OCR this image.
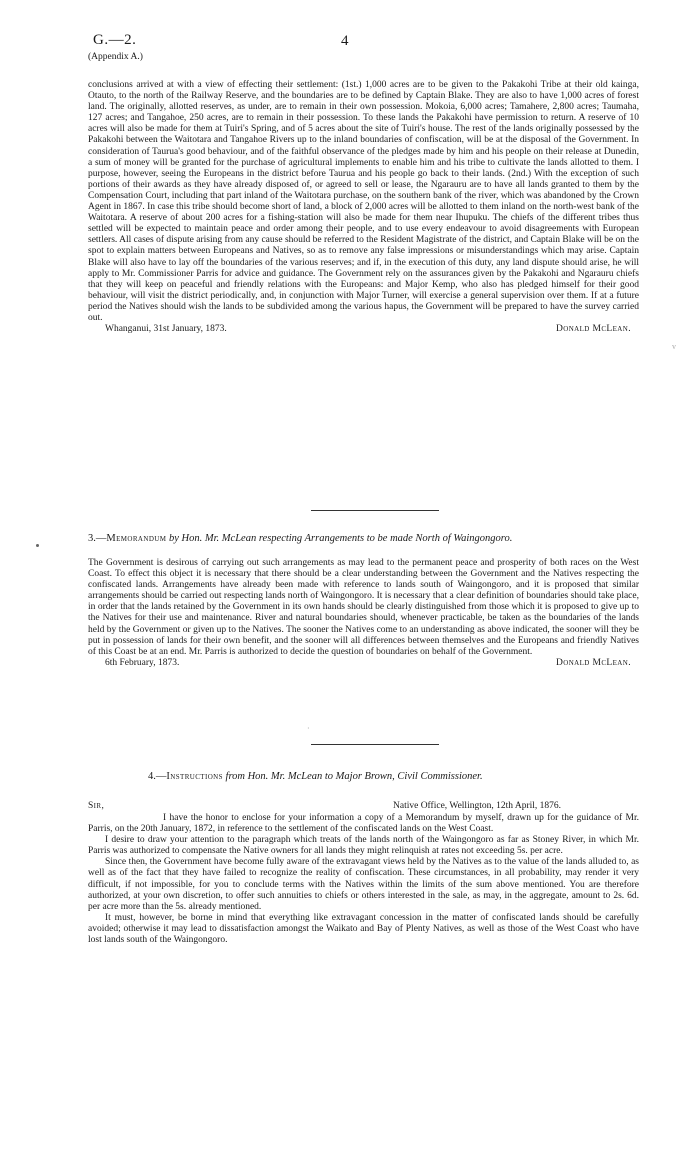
G.—2.
(Appendix A.)
4

conclusions arrived at with a view of effecting their settlement: (1st.) 1,000 acres are to be given to the Pakakohi Tribe at their old kainga, Otauto, to the north of the Railway Reserve, and the boundaries are to be defined by Captain Blake. They are also to have 1,000 acres of forest land. The originally, allotted reserves, as under, are to remain in their own possession. Mokoia, 6,000 acres; Tamahere, 2,800 acres; Taumaha, 127 acres; and Tangahoe, 250 acres, are to remain in their possession. To these lands the Pakakohi have permission to return. A reserve of 10 acres will also be made for them at Tuiri's Spring, and of 5 acres about the site of Tuiri's house. The rest of the lands originally possessed by the Pakakohi between the Waitotara and Tangahoe Rivers up to the inland boundaries of confiscation, will be at the disposal of the Government. In consideration of Taurua's good behaviour, and of the faithful observance of the pledges made by him and his people on their release at Dunedin, a sum of money will be granted for the purchase of agricultural implements to enable him and his tribe to cultivate the lands allotted to them. I purpose, however, seeing the Europeans in the district before Taurua and his people go back to their lands. (2nd.) With the exception of such portions of their awards as they have already disposed of, or agreed to sell or lease, the Ngarauru are to have all lands granted to them by the Compensation Court, including that part inland of the Waitotara purchase, on the southern bank of the river, which was abandoned by the Crown Agent in 1867. In case this tribe should become short of land, a block of 2,000 acres will be allotted to them inland on the north-west bank of the Waitotara. A reserve of about 200 acres for a fishing-station will also be made for them near Ihupuku. The chiefs of the different tribes thus settled will be expected to maintain peace and order among their people, and to use every endeavour to avoid disagreements with European settlers. All cases of dispute arising from any cause should be referred to the Resident Magistrate of the district, and Captain Blake will be on the spot to explain matters between Europeans and Natives, so as to remove any false impressions or misunderstandings which may arise. Captain Blake will also have to lay off the boundaries of the various reserves; and if, in the execution of this duty, any land dispute should arise, he will apply to Mr. Commissioner Parris for advice and guidance. The Government rely on the assurances given by the Pakakohi and Ngarauru chiefs that they will keep on peaceful and friendly relations with the Europeans: and Major Kemp, who also has pledged himself for their good behaviour, will visit the district periodically, and, in conjunction with Major Turner, will exercise a general supervision over them. If at a future period the Natives should wish the lands to be subdivided among the various hapus, the Government will be prepared to have the survey carried out.

Whanganui, 31st January, 1873.	Donald McLean.
3.—Memorandum by Hon. Mr. McLean respecting Arrangements to be made North of Waingongoro.

The Government is desirous of carrying out such arrangements as may lead to the permanent peace and prosperity of both races on the West Coast. To effect this object it is necessary that there should be a clear understanding between the Government and the Natives respecting the confiscated lands. Arrangements have already been made with reference to lands south of Waingongoro, and it is proposed that similar arrangements should be carried out respecting lands north of Waingongoro. It is necessary that a clear definition of boundaries should take place, in order that the lands retained by the Government in its own hands should be clearly distinguished from those which it is proposed to give up to the Natives for their use and maintenance. River and natural boundaries should, whenever practicable, be taken as the boundaries of the lands held by the Government or given up to the Natives. The sooner the Natives come to an understanding as above indicated, the sooner will they be put in possession of lands for their own benefit, and the sooner will all differences between themselves and the Europeans and friendly Natives of this Coast be at an end. Mr. Parris is authorized to decide the question of boundaries on behalf of the Government.

6th February, 1873.	Donald McLean.
4.—Instructions from Hon. Mr. McLean to Major Brown, Civil Commissioner.
Sir,	Native Office, Wellington, 12th April, 1876.

I have the honor to enclose for your information a copy of a Memorandum by myself, drawn up for the guidance of Mr. Parris, on the 20th January, 1872, in reference to the settlement of the confiscated lands on the West Coast.

I desire to draw your attention to the paragraph which treats of the lands north of the Waingongoro as far as Stoney River, in which Mr. Parris was authorized to compensate the Native owners for all lands they might relinquish at rates not exceeding 5s. per acre.

Since then, the Government have become fully aware of the extravagant views held by the Natives as to the value of the lands alluded to, as well as of the fact that they have failed to recognize the reality of confiscation. These circumstances, in all probability, may render it very difficult, if not impossible, for you to conclude terms with the Natives within the limits of the sum above mentioned. You are therefore authorized, at your own discretion, to offer such annuities to chiefs or others interested in the sale, as may, in the aggregate, amount to 2s. 6d. per acre more than the 5s. already mentioned.

It must, however, be borne in mind that everything like extravagant concession in the matter of confiscated lands should be carefully avoided; otherwise it may lead to dissatisfaction amongst the Waikato and Bay of Plenty Natives, as well as those of the West Coast who have lost lands south of the Waingongoro.

v
·
